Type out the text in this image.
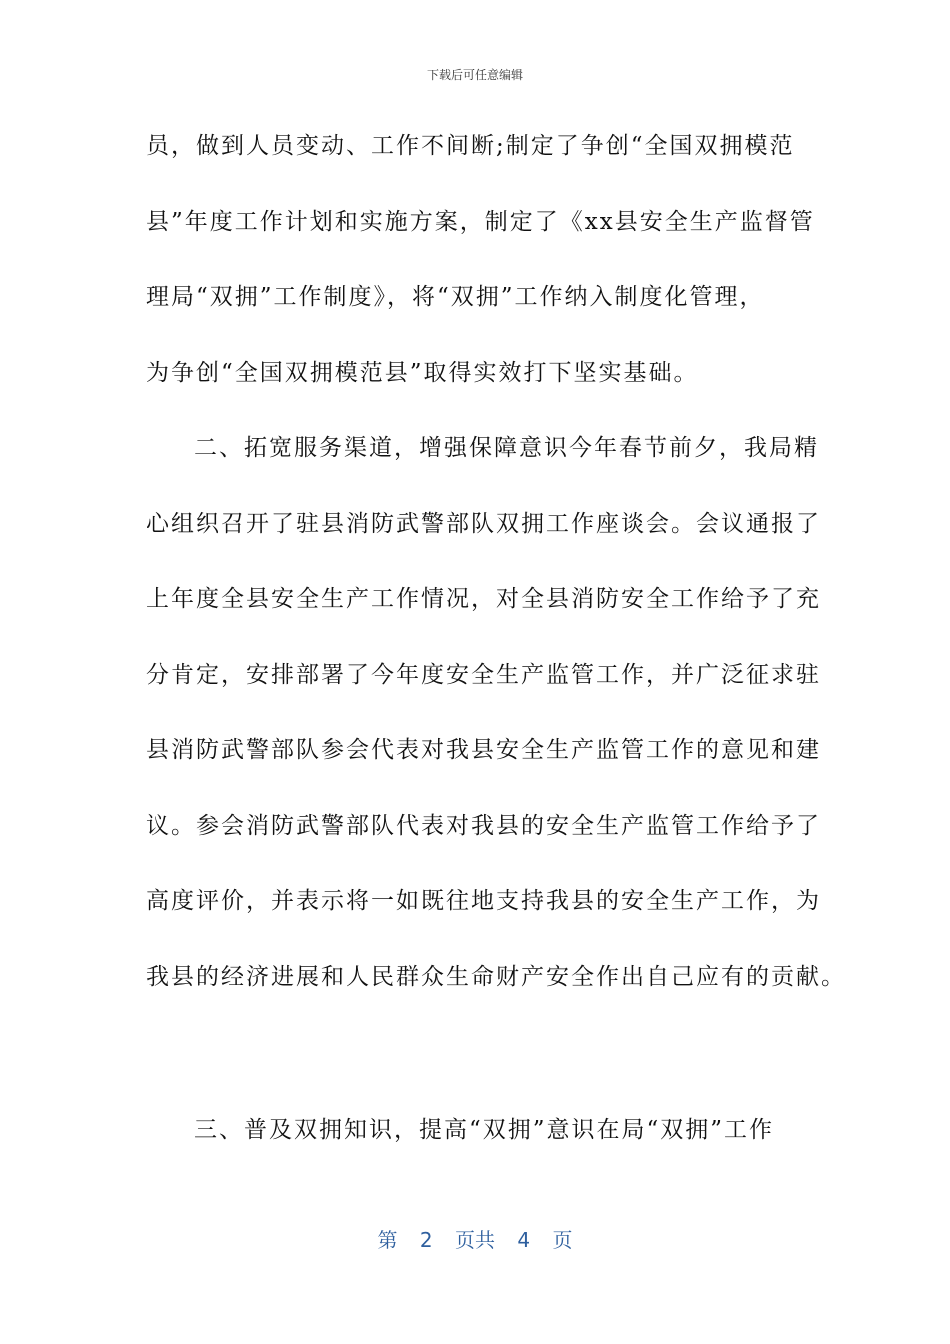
下载后可任意编辑
员，做到人员变动、工作不间断;制定了争创“全国双拥模范
县”年度工作计划和实施方案，制定了《xx县安全生产监督管
理局“双拥”工作制度》，将“双拥”工作纳入制度化管理，
为争创“全国双拥模范县”取得实效打下坚实基础。
二、拓宽服务渠道，增强保障意识今年春节前夕，我局精
心组织召开了驻县消防武警部队双拥工作座谈会。会议通报了
上年度全县安全生产工作情况，对全县消防安全工作给予了充
分肯定，安排部署了今年度安全生产监管工作，并广泛征求驻
县消防武警部队参会代表对我县安全生产监管工作的意见和建
议。参会消防武警部队代表对我县的安全生产监管工作给予了
高度评价，并表示将一如既往地支持我县的安全生产工作，为
我县的经济进展和人民群众生命财产安全作出自己应有的贡献。
三、普及双拥知识，提高“双拥”意识在局“双拥”工作
第 2 页共 4 页
